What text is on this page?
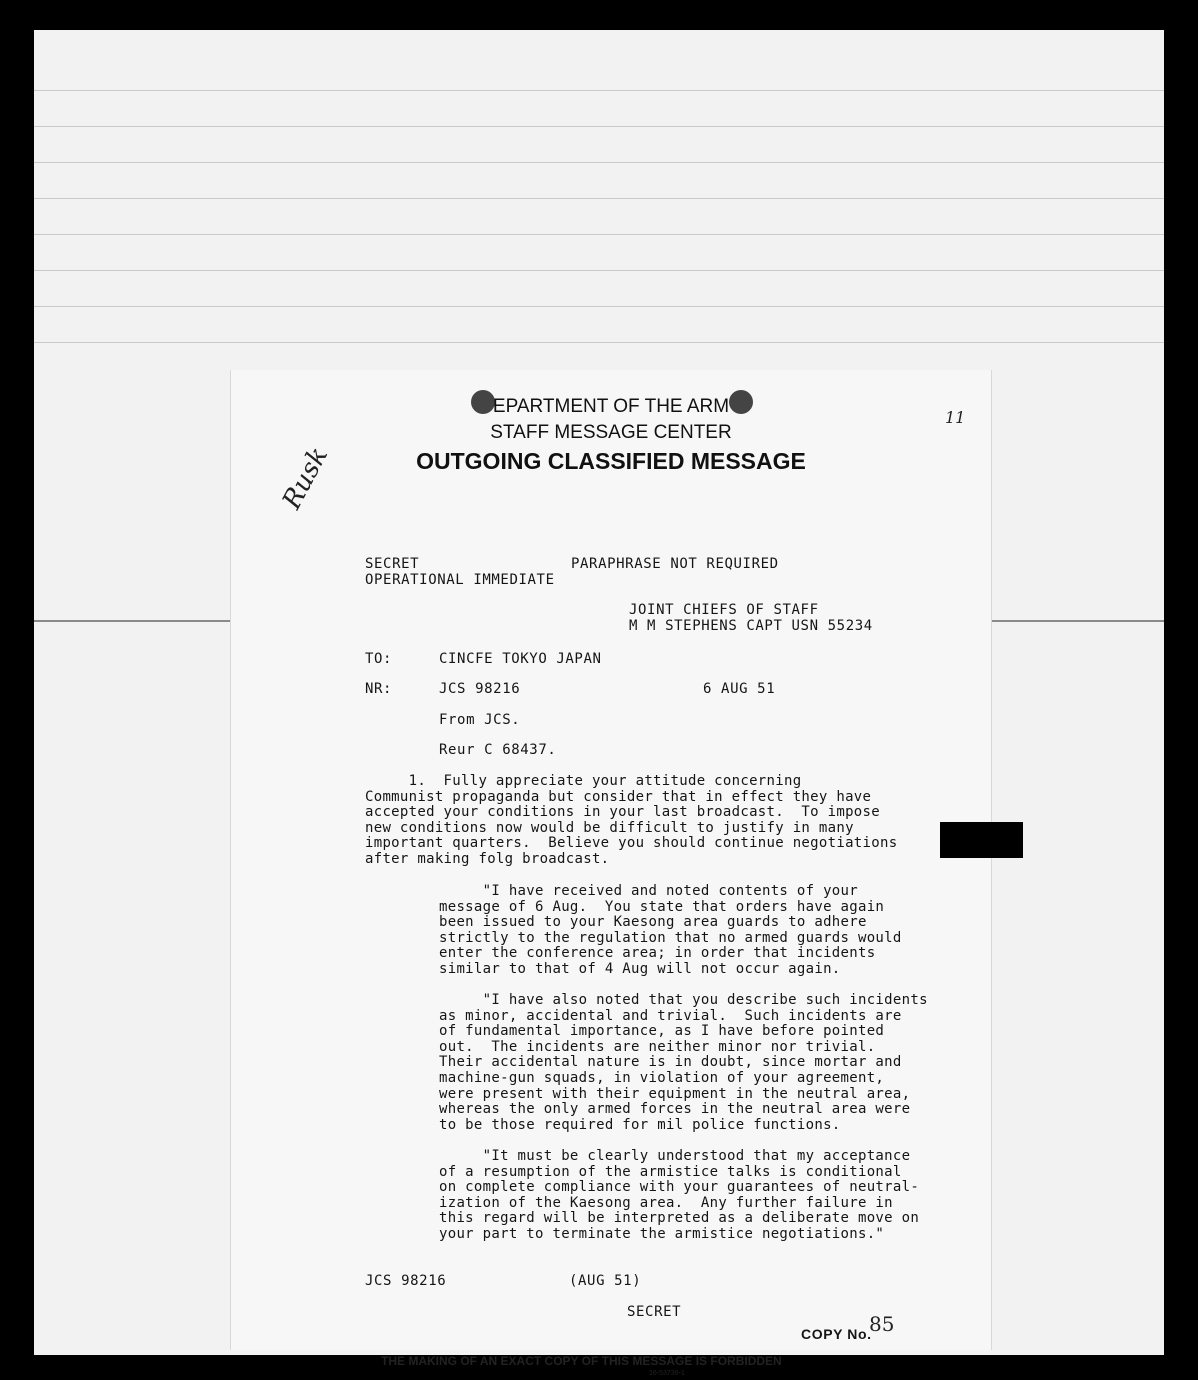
EPARTMENT OF THE ARM
STAFF MESSAGE CENTER
OUTGOING CLASSIFIED MESSAGE
11
Rusk
SECRET
OPERATIONAL IMMEDIATE
PARAPHRASE NOT REQUIRED
JOINT CHIEFS OF STAFF
M M STEPHENS CAPT USN 55234
TO:	CINCFE TOKYO JAPAN
NR:	JCS 98216	6 AUG 51
From JCS.
Reur C 68437.
1.  Fully appreciate your attitude concerning
Communist propaganda but consider that in effect they have
accepted your conditions in your last broadcast.  To impose
new conditions now would be difficult to justify in many
important quarters.  Believe you should continue negotiations
after making folg broadcast.
"I have received and noted contents of your
message of 6 Aug.  You state that orders have again
been issued to your Kaesong area guards to adhere
strictly to the regulation that no armed guards would
enter the conference area; in order that incidents
similar to that of 4 Aug will not occur again.
"I have also noted that you describe such incidents
as minor, accidental and trivial.  Such incidents are
of fundamental importance, as I have before pointed
out.  The incidents are neither minor nor trivial.
Their accidental nature is in doubt, since mortar and
machine-gun squads, in violation of your agreement,
were present with their equipment in the neutral area,
whereas the only armed forces in the neutral area were
to be those required for mil police functions.
"It must be clearly understood that my acceptance
of a resumption of the armistice talks is conditional
on complete compliance with your guarantees of neutral-
ization of the Kaesong area.  Any further failure in
this regard will be interpreted as a deliberate move on
your part to terminate the armistice negotiations."
JCS 98216	(AUG 51)
SECRET
COPY No.
85
THE MAKING OF AN EXACT COPY OF THIS MESSAGE IS FORBIDDEN
16-53736-1
